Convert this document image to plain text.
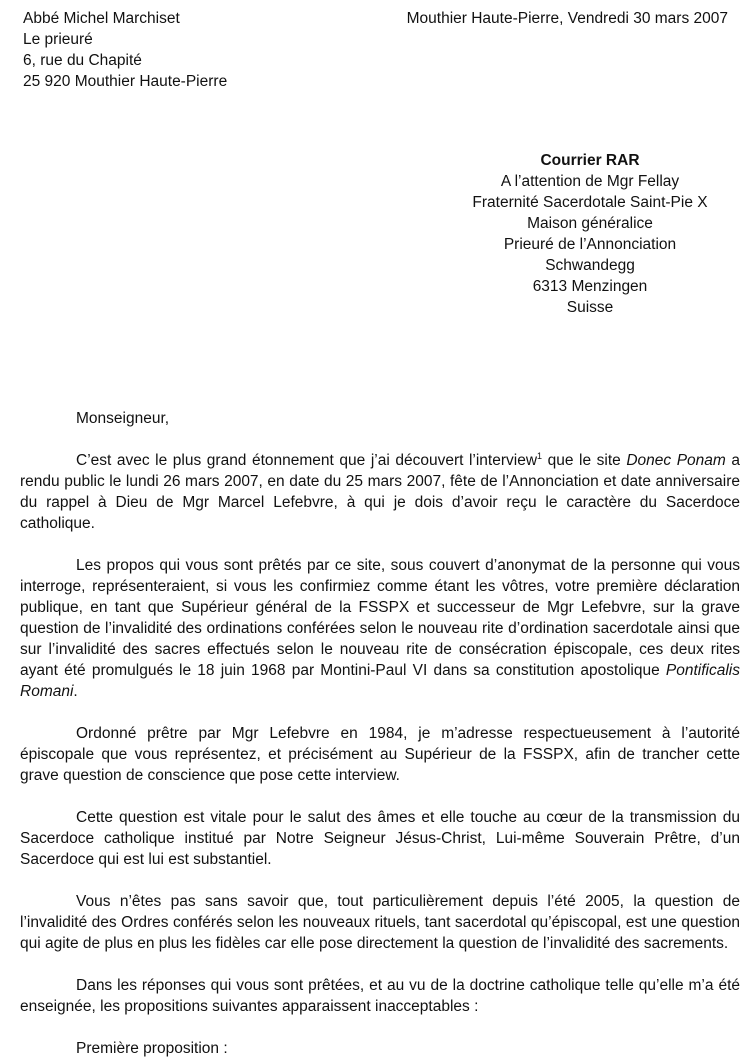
Abbé Michel Marchiset
Le prieuré
6, rue du Chapité
25 920 Mouthier Haute-Pierre
Mouthier Haute-Pierre, Vendredi 30 mars 2007
Courrier RAR
A l’attention de Mgr Fellay
Fraternité Sacerdotale Saint-Pie X
Maison généralice
Prieuré de l’Annonciation
Schwandegg
6313 Menzingen
Suisse
Monseigneur,

C’est avec le plus grand étonnement que j’ai découvert l’interview$^1$ que le site Donec Ponam a rendu public le lundi 26 mars 2007, en date du 25 mars 2007, fête de l’Annonciation et date anniversaire du rappel à Dieu de Mgr Marcel Lefebvre, à qui je dois d’avoir reçu le caractère du Sacerdoce catholique.

Les propos qui vous sont prêtés par ce site, sous couvert d’anonymat de la personne qui vous interroge, représenteraient, si vous les confirmiez comme étant les vôtres, votre première déclaration publique, en tant que Supérieur général de la FSSPX et successeur de Mgr Lefebvre, sur la grave question de l’invalidité des ordinations conférées selon le nouveau rite d’ordination sacerdotale ainsi que sur l’invalidité des sacres effectués selon le nouveau rite de consécration épiscopale, ces deux rites ayant été promulgués le 18 juin 1968 par Montini-Paul VI dans sa constitution apostolique Pontificalis Romani.

Ordonné prêtre par Mgr Lefebvre en 1984, je m’adresse respectueusement à l’autorité épiscopale que vous représentez, et précisément au Supérieur de la FSSPX, afin de trancher cette grave question de conscience que pose cette interview.

Cette question est vitale pour le salut des âmes et elle touche au cœur de la transmission du Sacerdoce catholique institué par Notre Seigneur Jésus-Christ, Lui-même Souverain Prêtre, d’un Sacerdoce qui est lui est substantiel.

Vous n’êtes pas sans savoir que, tout particulièrement depuis l’été 2005, la question de l’invalidité des Ordres conférés selon les nouveaux rituels, tant sacerdotal qu’épiscopal, est une question qui agite de plus en plus les fidèles car elle pose directement la question de l’invalidité des sacrements.

Dans les réponses qui vous sont prêtées, et au vu de la doctrine catholique telle qu’elle m’a été enseignée, les propositions suivantes apparaissent inacceptables :

Première proposition :
